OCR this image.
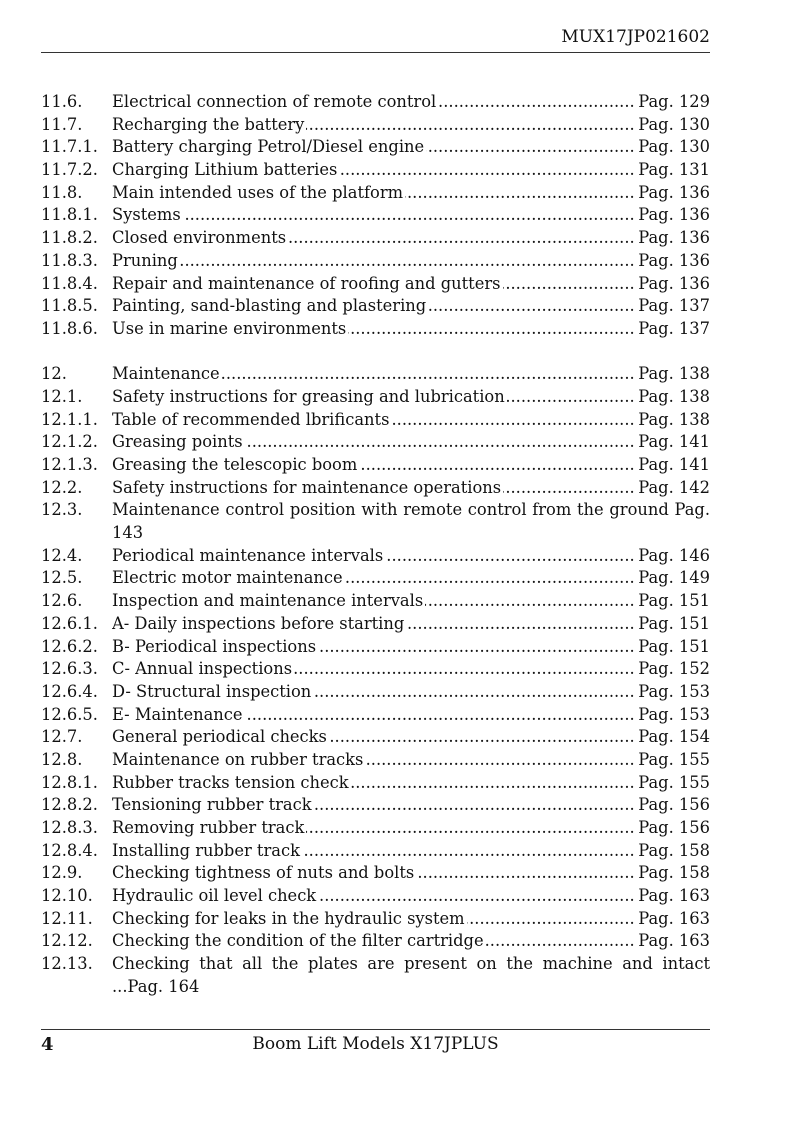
MUX17JP021602
11.6.	Electrical connection of remote control .....	Pag. 129
11.7.	Recharging the battery .....	Pag. 130
11.7.1. Battery charging Petrol/Diesel engine .....	Pag. 130
11.7.2. Charging Lithium batteries .....	Pag. 131
11.8.	Main intended uses of the platform .....	Pag. 136
11.8.1. Systems .....	Pag. 136
11.8.2. Closed environments .....	Pag. 136
11.8.3. Pruning .....	Pag. 136
11.8.4. Repair and maintenance of roofing and gutters .....	Pag. 136
11.8.5. Painting, sand-blasting and plastering .....	Pag. 137
11.8.6. Use in marine environments .....	Pag. 137
12.	Maintenance .....	Pag. 138
12.1.	Safety instructions for greasing and lubrication .....	Pag. 138
12.1.1. Table of recommended lbrificants .....	Pag. 138
12.1.2. Greasing points .....	Pag. 141
12.1.3. Greasing the telescopic boom .....	Pag. 141
12.2.	Safety instructions for maintenance operations .....	Pag. 142
12.3.	Maintenance control position with remote control from the ground Pag. 143
12.4.	Periodical maintenance intervals .....	Pag. 146
12.5.	Electric motor maintenance .....	Pag. 149
12.6.	Inspection and maintenance intervals .....	Pag. 151
12.6.1. A- Daily inspections before starting .....	Pag. 151
12.6.2. B- Periodical inspections .....	Pag. 151
12.6.3. C- Annual inspections .....	Pag. 152
12.6.4. D- Structural inspection .....	Pag. 153
12.6.5. E- Maintenance .....	Pag. 153
12.7.	General periodical checks .....	Pag. 154
12.8.	Maintenance on rubber tracks .....	Pag. 155
12.8.1. Rubber tracks tension check .....	Pag. 155
12.8.2. Tensioning rubber track .....	Pag. 156
12.8.3. Removing rubber track .....	Pag. 156
12.8.4. Installing rubber track .....	Pag. 158
12.9.	Checking tightness of nuts and bolts .....	Pag. 158
12.10.	Hydraulic oil level check .....	Pag. 163
12.11.	Checking for leaks in the hydraulic system .....	Pag. 163
12.12.	Checking the condition of the filter cartridge .....	Pag. 163
12.13.	Checking that all the plates are present on the machine and intact ...Pag. 164
4	Boom Lift Models X17JPLUS
